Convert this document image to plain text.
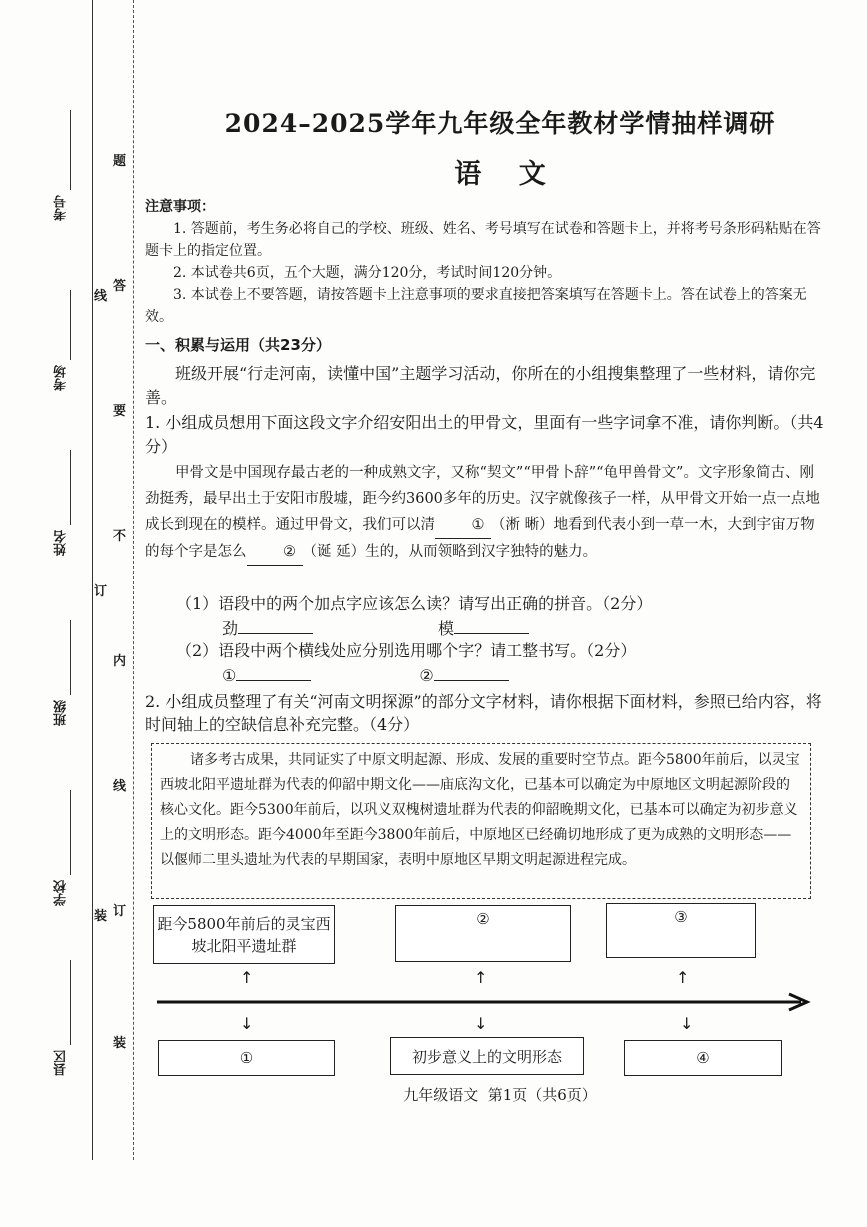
考号
考场
姓名
班级
学校
县区
题
答
要
不
内
线
订
装
线
订
装
2024–2025学年九年级全年教材学情抽样调研
语    文
注意事项：
1. 答题前，考生务必将自己的学校、班级、姓名、考号填写在试卷和答题卡上，并将考号条形码粘贴在答题卡上的指定位置。
2. 本试卷共6页，五个大题，满分120分，考试时间120分钟。
3. 本试卷上不要答题，请按答题卡上注意事项的要求直接把答案填写在答题卡上。答在试卷上的答案无效。
一、积累与运用（共23分）
班级开展“行走河南，读懂中国”主题学习活动，你所在的小组搜集整理了一些材料，请你完善。
1. 小组成员想用下面这段文字介绍安阳出土的甲骨文，里面有一些字词拿不准，请你判断。（共4分）
甲骨文是中国现存最古老的一种成熟文字，又称“契文”“甲骨卜辞”“龟甲兽骨文”。文字形象简古、刚劲挺秀，最早出土于安阳市殷墟，距今约3600多年的历史。汉字就像孩子一样，从甲骨文开始一点一点地成长到现在的模样。通过甲骨文，我们可以清	① （淅 晰）地看到代表小到一草一木，大到宇宙万物的每个字是怎么	② （诞 延）生的，从而领略到汉字独特的魅力。
（1）语段中的两个加点字应该怎么读？请写出正确的拼音。（2分）
劲	模
（2）语段中两个横线处应分别选用哪个字？请工整书写。（2分）
①	②
2. 小组成员整理了有关“河南文明探源”的部分文字材料，请你根据下面材料，参照已给内容，将时间轴上的空缺信息补充完整。（4分）
诸多考古成果，共同证实了中原文明起源、形成、发展的重要时空节点。距今5800年前后，以灵宝西坡北阳平遗址群为代表的仰韶中期文化——庙底沟文化，已基本可以确定为中原地区文明起源阶段的核心文化。距今5300年前后，以巩义双槐树遗址群为代表的仰韶晚期文化，已基本可以确定为初步意义上的文明形态。距今4000年至距今3800年前后，中原地区已经确切地形成了更为成熟的文明形态——以偃师二里头遗址为代表的早期国家，表明中原地区早期文明起源进程完成。
距今5800年前后的灵宝西坡北阳平遗址群
②	③
↑	↑	↑
↓	↓	↓
①	初步意义上的文明形态	④
九年级语文  第1页（共6页）
